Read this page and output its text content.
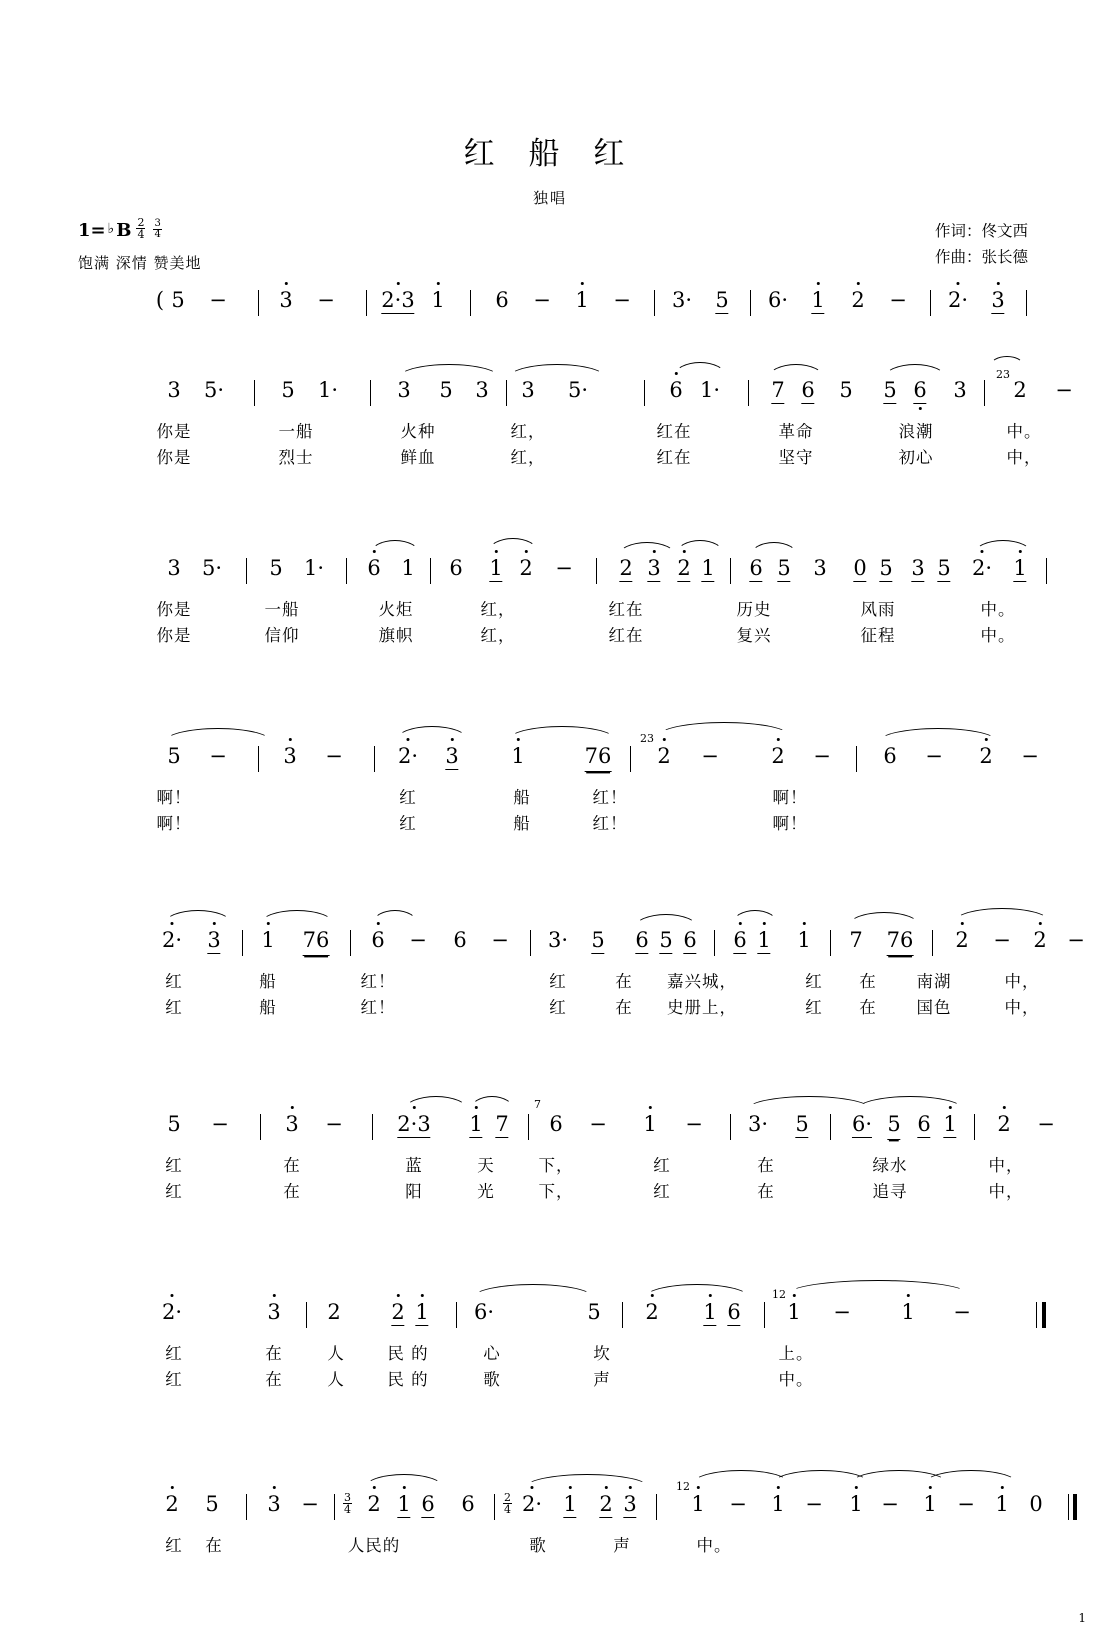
红 船 红
独唱
1= ♭ B $\frac{2}{4} \frac{3}{4}$
饱满 深情 赞美地
作词：佟文西
作曲：张长德
( 5 −	3 − 2·3 1 6 − 1 − 3· 5 6· 1 2 − 2· 3
3 5·	5 1·	3 5 3 3 5·	6 1· 7 6 5 5 6 3
23
2 −
你是	一船	火种	红，	红在	革命	浪潮	中。
你是	烈士	鲜血	红，	红在	坚守	初心	中，
3 5· 5 1· 6 1 6 1 2 − 2 3 2 1 6 5 3 0 5 3 5 2· 1
你是	一船	火炬	红，	红在	历史	风雨	中。
你是	信仰	旗帜	红，	红在	复兴	征程	中。
5 −	3 −	2· 3	1	76
23
2 −	2 −	6 − 2 −
啊！	红	船	红！	啊！
啊！	红	船	红！	啊！
2· 3 1 76 6 − 6 − 3· 5 6 5 6 6 1 1 7 76 2 − 2 −
红	船	红！	红	在 嘉兴城，	红 在 南湖	中，
红	船	红！	红	在 史册上，	红 在 国色	中，
5 −	3 −	2·3 1 7
7
6 − 1 − 3· 5 6· 5 6 1 2 −
红	在	蓝	天	下，	红	在	绿水	中，
红	在	阳	光	下，	红	在	追寻	中，
2·	3 2 2 1 6·	5 2 1 6
12
1 − 1 −
红	在	人	民 的	心	坎	上。
红	在	人	民 的	歌	声	中。
2 5 $3 - \frac{3}{4} 2$ 1 6 6	$\frac{2}{4} 2\cdot 1$ 2 3
12
1 − 1 − 1 − 1 − 1 0
红 在	人民的	歌	声	中。
1
